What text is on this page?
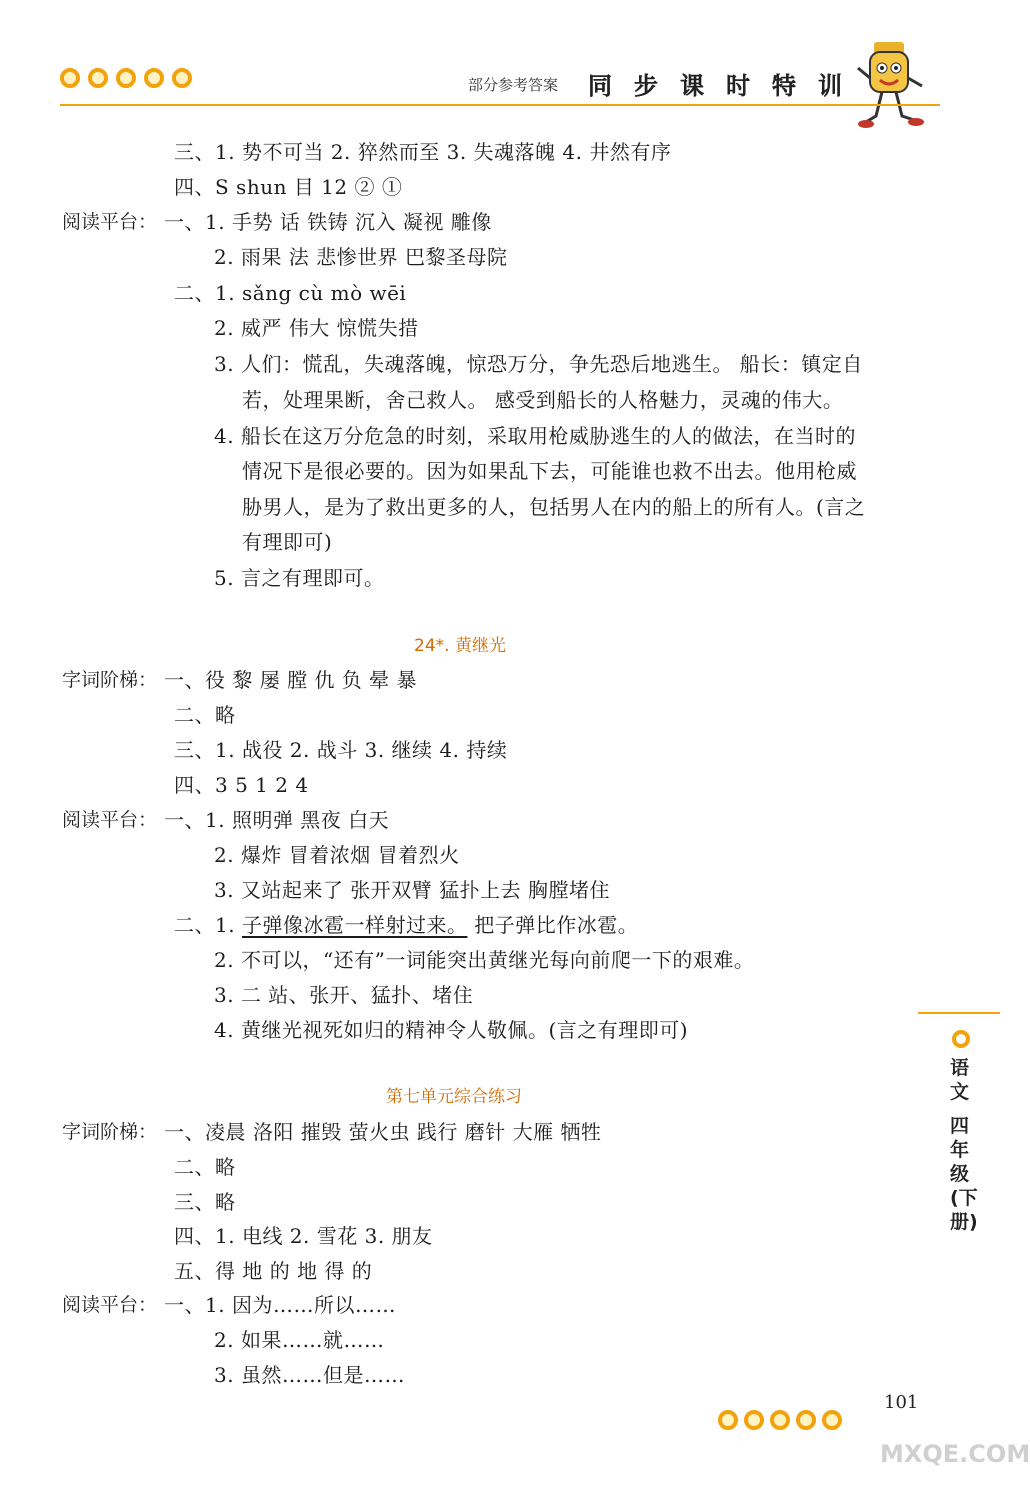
部分参考答案 同 步 课 时 特 训
三、1. 势不可当 2. 猝然而至 3. 失魂落魄 4. 井然有序
四、S shun 目 12 ② ①
阅读平台： 一、1. 手势 话 铁铸 沉入 凝视 雕像
2. 雨果 法 悲惨世界 巴黎圣母院
二、1. sǎng cù mò wēi
2. 威严 伟大 惊慌失措
3. 人们：慌乱，失魂落魄，惊恐万分，争先恐后地逃生。 船长：镇定自
若，处理果断，舍己救人。 感受到船长的人格魅力，灵魂的伟大。
4. 船长在这万分危急的时刻，采取用枪威胁逃生的人的做法，在当时的
情况下是很必要的。因为如果乱下去，可能谁也救不出去。他用枪威
胁男人，是为了救出更多的人，包括男人在内的船上的所有人。(言之
有理即可)
5. 言之有理即可。
24*. 黄继光
字词阶梯： 一、役 黎 屡 膛 仇 负 晕 暴
二、略
三、1. 战役 2. 战斗 3. 继续 4. 持续
四、3 5 1 2 4
阅读平台： 一、1. 照明弹 黑夜 白天
2. 爆炸 冒着浓烟 冒着烈火
3. 又站起来了 张开双臂 猛扑上去 胸膛堵住
二、1. 子弹像冰雹一样射过来。 把子弹比作冰雹。
2. 不可以，“还有”一词能突出黄继光每向前爬一下的艰难。
3. 二 站、张开、猛扑、堵住
4. 黄继光视死如归的精神令人敬佩。(言之有理即可)
第七单元综合练习
字词阶梯： 一、凌晨 洛阳 摧毁 萤火虫 践行 磨针 大雁 牺牲
二、略
三、略
四、1. 电线 2. 雪花 3. 朋友
五、得 地 的 地 得 的
阅读平台： 一、1. 因为……所以……
2. 如果……就……
3. 虽然……但是……
语文
四年级(下册)
101
MXQE.COM
